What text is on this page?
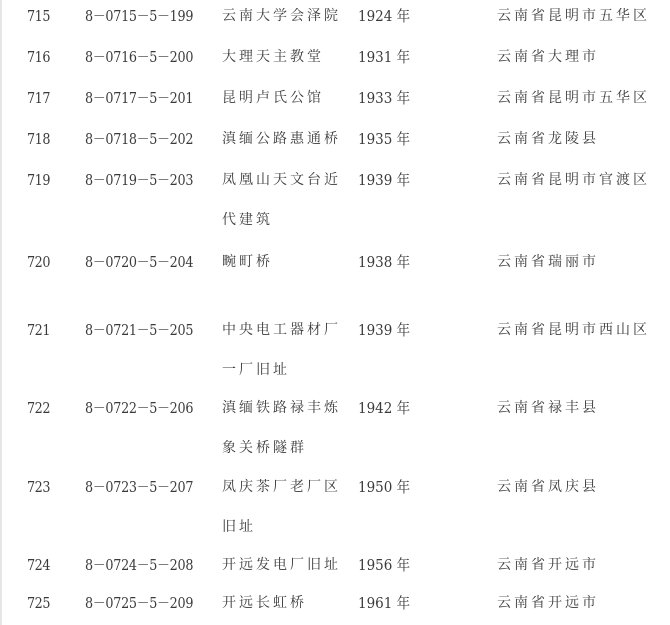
715 8－0715－5－199 云南大学会泽院 1924 年	云南省昆明市五华区
716 8－0716－5－200 大理天主教堂 1931 年	云南省大理市
717 8－0717－5－201 昆明卢氏公馆 1933 年	云南省昆明市五华区
718 8－0718－5－202 滇缅公路惠通桥 1935 年	云南省龙陵县
719 8－0719－5－203 凤凰山天文台近
代建筑
1939 年	云南省昆明市官渡区
720 8－0720－5－204 畹町桥	1938 年	云南省瑞丽市
721 8－0721－5－205 中央电工器材厂
一厂旧址
1939 年	云南省昆明市西山区
722 8－0722－5－206 滇缅铁路禄丰炼
象关桥隧群
1942 年	云南省禄丰县
723 8－0723－5－207 凤庆茶厂老厂区
旧址
1950 年	云南省凤庆县
724 8－0724－5－208 开远发电厂旧址 1956 年	云南省开远市
725 8－0725－5－209 开远长虹桥	1961 年	云南省开远市
